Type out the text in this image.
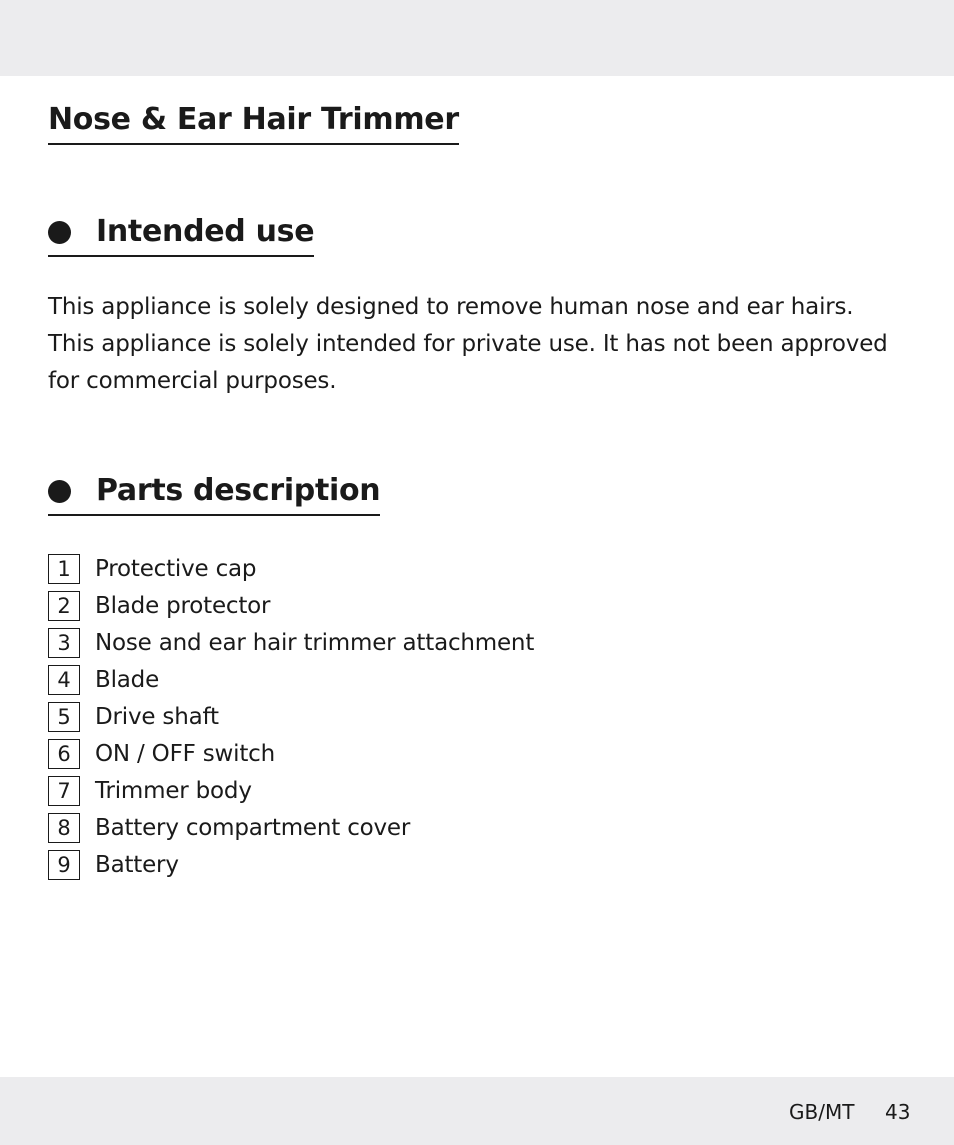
Nose & Ear Hair Trimmer
Intended use

This appliance is solely designed to remove human nose and ear hairs.
This appliance is solely intended for private use. It has not been approved
for commercial purposes.

Parts description
1	Protective cap
2	Blade protector
3	Nose and ear hair trimmer attachment
4	Blade
5	Drive shaft
6	ON / OFF switch
7	Trimmer body
8	Battery compartment cover
9	Battery
GB/MT 43
